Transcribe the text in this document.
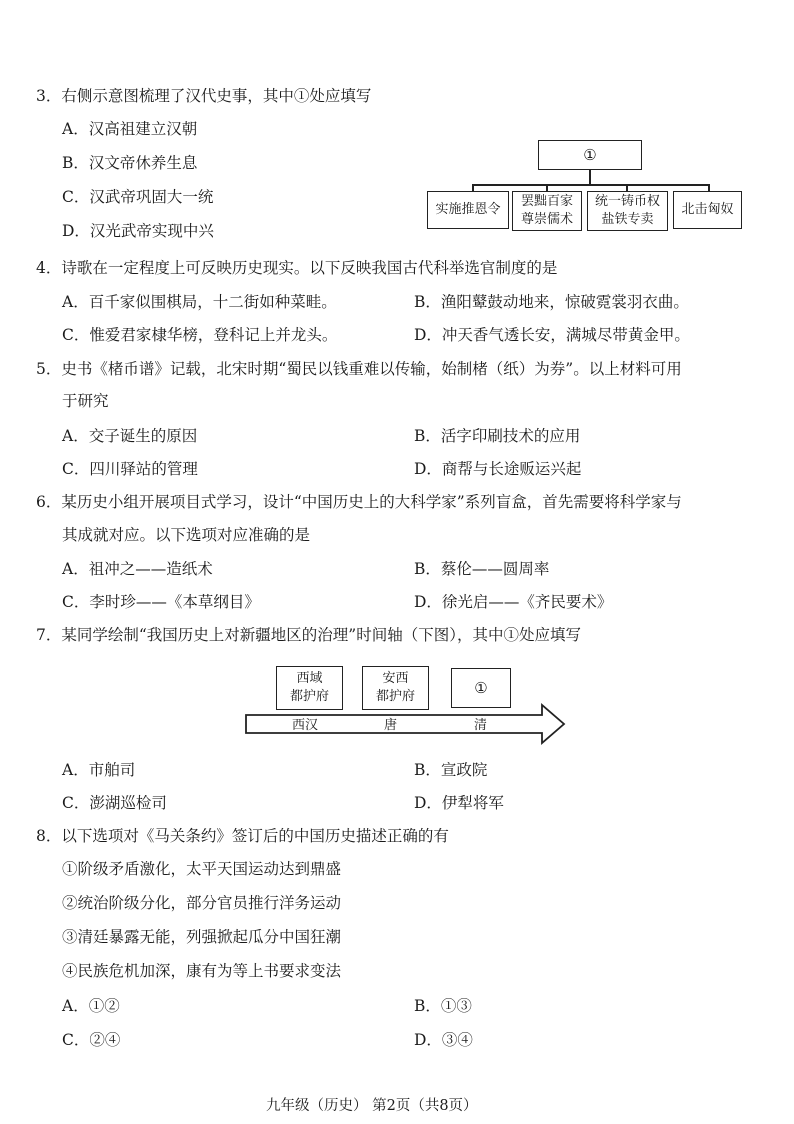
3．右侧示意图梳理了汉代史事，其中①处应填写
A．汉高祖建立汉朝
B．汉文帝休养生息
C．汉武帝巩固大一统
D．汉光武帝实现中兴
①
实施推恩令
罢黜百家
尊崇儒术
统一铸币权
盐铁专卖
北击匈奴
4．诗歌在一定程度上可反映历史现实。以下反映我国古代科举选官制度的是
A．百千家似围棋局，十二街如种菜畦。	B．渔阳鼙鼓动地来，惊破霓裳羽衣曲。
C．惟爱君家棣华榜，登科记上并龙头。	D．冲天香气透长安，满城尽带黄金甲。
5．史书《楮币谱》记载，北宋时期“蜀民以钱重难以传输，始制楮（纸）为券”。以上材料可用
于研究
A．交子诞生的原因	B．活字印刷技术的应用
C．四川驿站的管理	D．商帮与长途贩运兴起
6．某历史小组开展项目式学习，设计“中国历史上的大科学家”系列盲盒，首先需要将科学家与
其成就对应。以下选项对应准确的是
A．祖冲之——造纸术	B．蔡伦——圆周率
C．李时珍——《本草纲目》	D．徐光启——《齐民要术》
7．某同学绘制“我国历史上对新疆地区的治理”时间轴（下图），其中①处应填写
西域
都护府
安西
都护府	①
西汉	唐	清
A．市舶司	B．宣政院
C．澎湖巡检司	D．伊犁将军
8．以下选项对《马关条约》签订后的中国历史描述正确的有
①阶级矛盾激化，太平天国运动达到鼎盛
②统治阶级分化，部分官员推行洋务运动
③清廷暴露无能，列强掀起瓜分中国狂潮
④民族危机加深，康有为等上书要求变法
A．①②	B．①③
C．②④	D．③④
九年级（历史） 第2页（共8页）
